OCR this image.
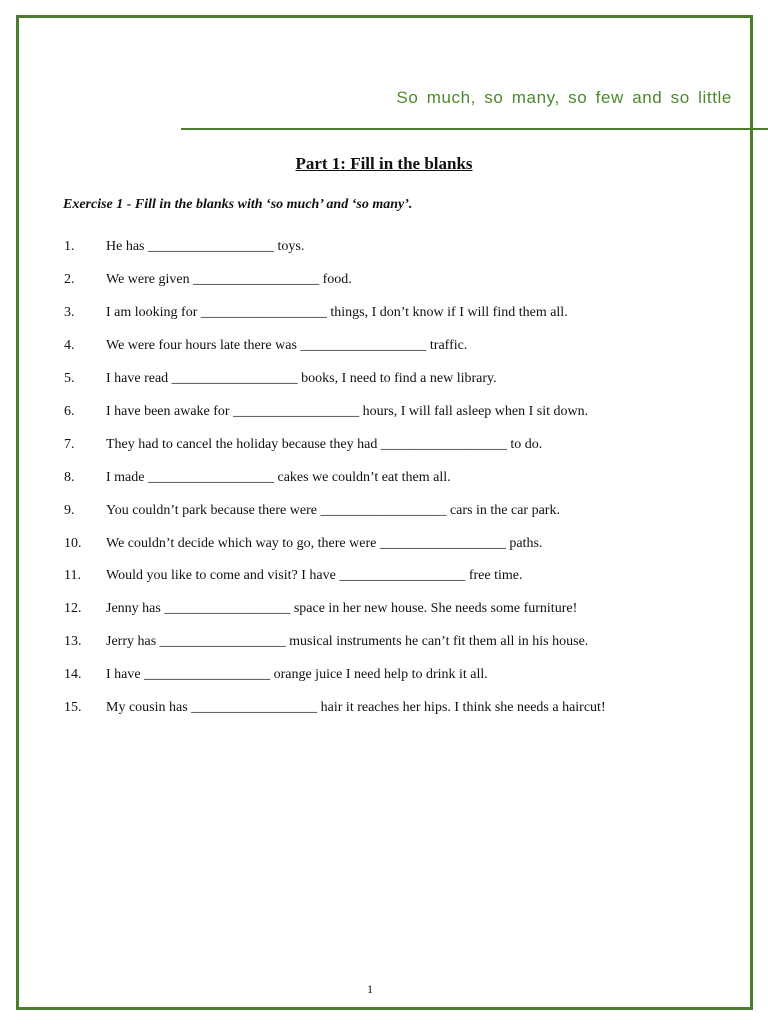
So much, so many, so few and so little
Part 1: Fill in the blanks
Exercise 1 - Fill in the blanks with ‘so much’ and ‘so many’.
1. He has __________________ toys.
2. We were given __________________ food.
3. I am looking for __________________ things, I don’t know if I will find them all.
4. We were four hours late there was __________________ traffic.
5. I have read __________________ books, I need to find a new library.
6. I have been awake for __________________ hours, I will fall asleep when I sit down.
7. They had to cancel the holiday because they had __________________ to do.
8. I made __________________ cakes we couldn’t eat them all.
9. You couldn’t park because there were __________________ cars in the car park.
10. We couldn’t decide which way to go, there were __________________ paths.
11. Would you like to come and visit? I have __________________ free time.
12. Jenny has __________________ space in her new house. She needs some furniture!
13. Jerry has __________________ musical instruments he can’t fit them all in his house.
14. I have __________________ orange juice I need help to drink it all.
15. My cousin has __________________ hair it reaches her hips. I think she needs a haircut!
1
